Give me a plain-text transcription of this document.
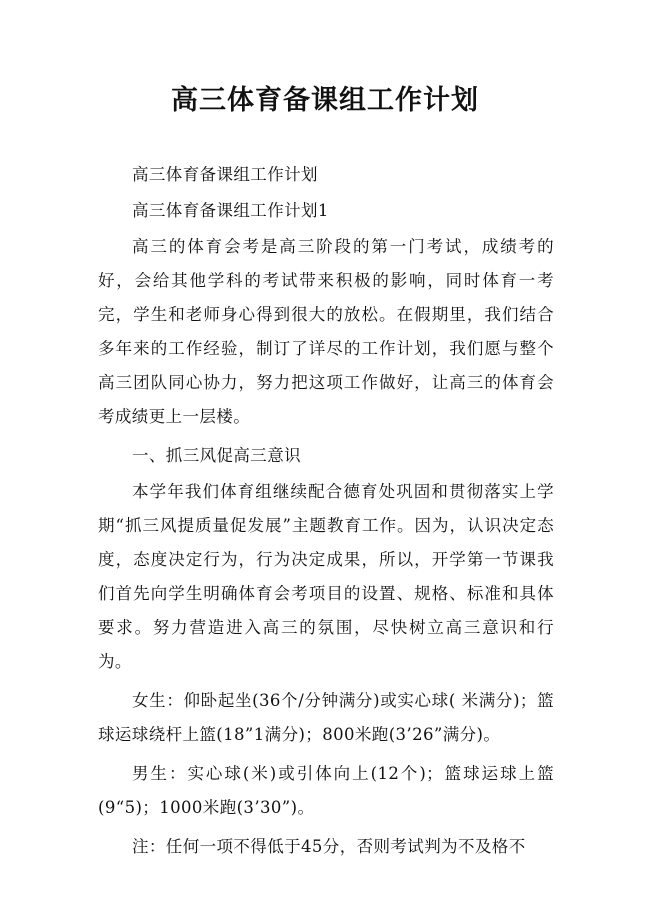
高三体育备课组工作计划

高三体育备课组工作计划

高三体育备课组工作计划1

高三的体育会考是高三阶段的第一门考试，成绩考的好，会给其他学科的考试带来积极的影响，同时体育一考完，学生和老师身心得到很大的放松。在假期里，我们结合多年来的工作经验，制订了详尽的工作计划，我们愿与整个高三团队同心协力，努力把这项工作做好，让高三的体育会考成绩更上一层楼。

一、抓三风促高三意识

本学年我们体育组继续配合德育处巩固和贯彻落实上学期“抓三风提质量促发展”主题教育工作。因为，认识决定态度，态度决定行为，行为决定成果，所以，开学第一节课我们首先向学生明确体育会考项目的设置、规格、标准和具体要求。努力营造进入高三的氛围，尽快树立高三意识和行为。

女生：仰卧起坐(36个/分钟满分)或实心球( 米满分)；篮球运球绕杆上篮(18”1满分)；800米跑(3’26”满分)。

男生：实心球(米)或引体向上(12个)；篮球运球上篮(9“5)；1000米跑(3’30”)。

注：任何一项不得低于45分，否则考试判为不及格不
